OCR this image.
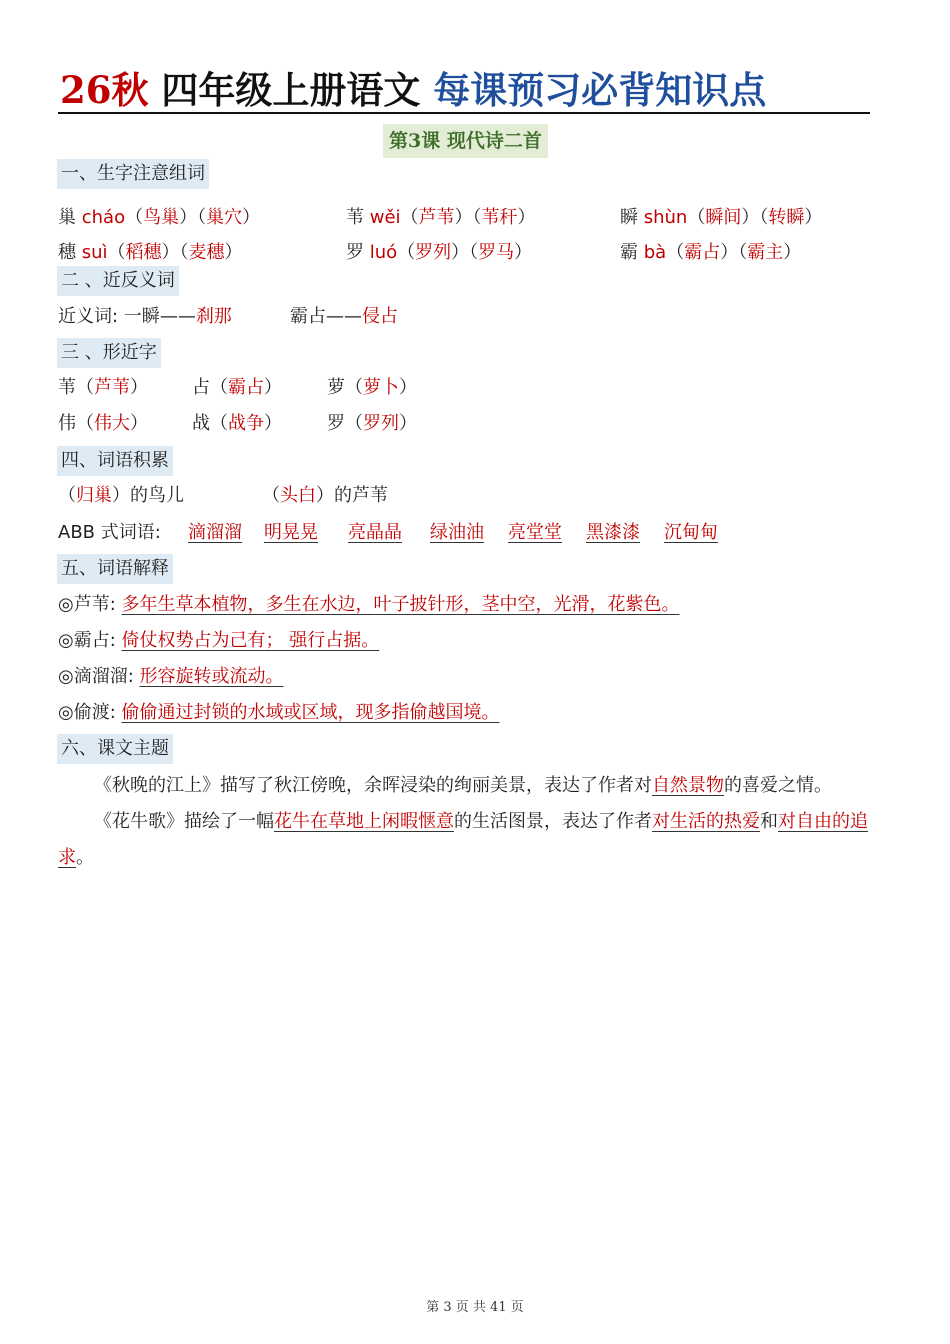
26秋 四年级上册语文 每课预习必背知识点
第3课 现代诗二首
一、生字注意组词
巢 cháo（鸟巢）（巢穴）	苇 wěi（芦苇）（苇秆）	瞬 shùn（瞬间）（转瞬）
穗 suì（稻穗）（麦穗）	罗 luó（罗列）（罗马）	霸 bà（霸占）（霸主）
二 、近反义词
近义词: 一瞬——刹那	霸占——侵占
三 、形近字
苇（芦苇） 占（霸占）	萝（萝卜）
伟（伟大） 战（战争）	罗（罗列）
四、词语积累
（归巢）的鸟儿	（头白）的芦苇
ABB 式词语: 滴溜溜 明晃晃 亮晶晶 绿油油 亮堂堂 黑漆漆 沉甸甸
五、词语解释
◎芦苇: 多年生草本植物，多生在水边，叶子披针形，茎中空，光滑，花紫色。
◎霸占: 倚仗权势占为己有； 强行占据。
◎滴溜溜: 形容旋转或流动。
◎偷渡: 偷偷通过封锁的水域或区域，现多指偷越国境。
六、课文主题

《秋晚的江上》描写了秋江傍晚，余晖浸染的绚丽美景，表达了作者对自然景物的喜爱之情。

《花牛歌》描绘了一幅花牛在草地上闲暇惬意的生活图景，表达了作者对生活的热爱和对自由的追求。

第 3 页 共 41 页
